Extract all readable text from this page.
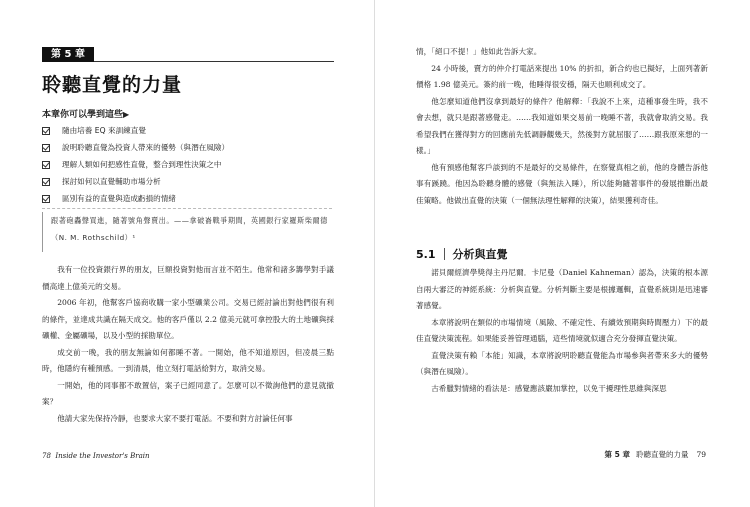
第 5 章
聆聽直覺的力量
本章你可以學到這些▶
隨由培養 EQ 來訓練直覺
說明聆聽直覺為投資人帶來的優勢（與潛在風險）
理解人類如何把感性直覺，整合到理性決策之中
探討如何以直覺輔助市場分析
區別有益的直覺與造成虧損的情緒

跟著砲轟聲買進，隨著號角聲賣出。——拿破崙戰爭期間，英國銀行家羅斯柴爾德（N. M. Rothschild）¹

我有一位投資銀行界的朋友，巨額投資對他而言並不陌生。他常和諸多籌學對手議價高達上億美元的交易。

2006 年初，他幫客戶協商收購一家小型礦業公司。交易已經討論出對他們很有利的條件，並達成共識在隔天成交。他的客戶僅以 2.2 億美元就可拿控股大的土地礦與採礦權、金屬礦場，以及小型的採勘單位。

成交前一晚，我的朋友無論如何都睡不著。一開始，他不知道原因，但凌晨三點時，他隱約有種預感。一到清晨，他立刻打電話給對方，取消交易。

一開始，他的同事都不敢置信，案子已經同意了。怎麼可以不徵詢他們的意見就撤案？

他請大家先保持冷靜，也要求大家不要打電話。不要和對方討論任何事

78 Inside the Investor's Brain

情，「絕口不提！」他如此告訴大家。

24 小時後，賣方的仲介打電話來提出 10% 的折扣，新合約也已擬好，上面列著新價格 1.98 億美元。簽約前一晚，他睡得很安穩，隔天也順利成交了。

他怎麼知道他們沒拿到最好的條件？他解釋：「我說不上來，這種事發生時，我不會去想，就只是跟著感覺走。……我知道如果交易前一晚睡不著，我就會取消交易。我希望我們在獲得對方的回應前先低調靜觀幾天，然後對方就屈服了……跟我原來想的一樣。」

他有預感他幫客戶談到的不是最好的交易條件，在察覺真相之前，他的身體告訴他事有蹊蹺。他因為聆聽身體的感覺（與無法入睡），所以能夠隨著事件的發展推斷出最佳策略。他做出直覺的決策（一個無法理性解釋的決策），結果獲利奇佳。

5.1 分析與直覺

諾貝爾經濟學獎得主丹尼爾．卡尼曼（Daniel Kahneman）認為，決策的根本源自兩大審泛的神經系統：分析與直覺。分析判斷主要是根據邏輯，直覺系統則是迅速審著感覺。

本章將說明在類似的市場情境（風險、不確定性、有續效預期與時間壓力）下的最佳直覺決策流程。如果能妥善管理通腦，這些情境就似適合充分發揮直覺決策。

直覺決策有賴「本能」知識，本章將說明聆聽直覺能為市場參與者帶來多大的優勢（與潛在風險）。

古希臘對情緒的看法是：感覺應該嚴加掌控，以免干擾理性思維與深思

第 5 章 聆聽直覺的力量 79
